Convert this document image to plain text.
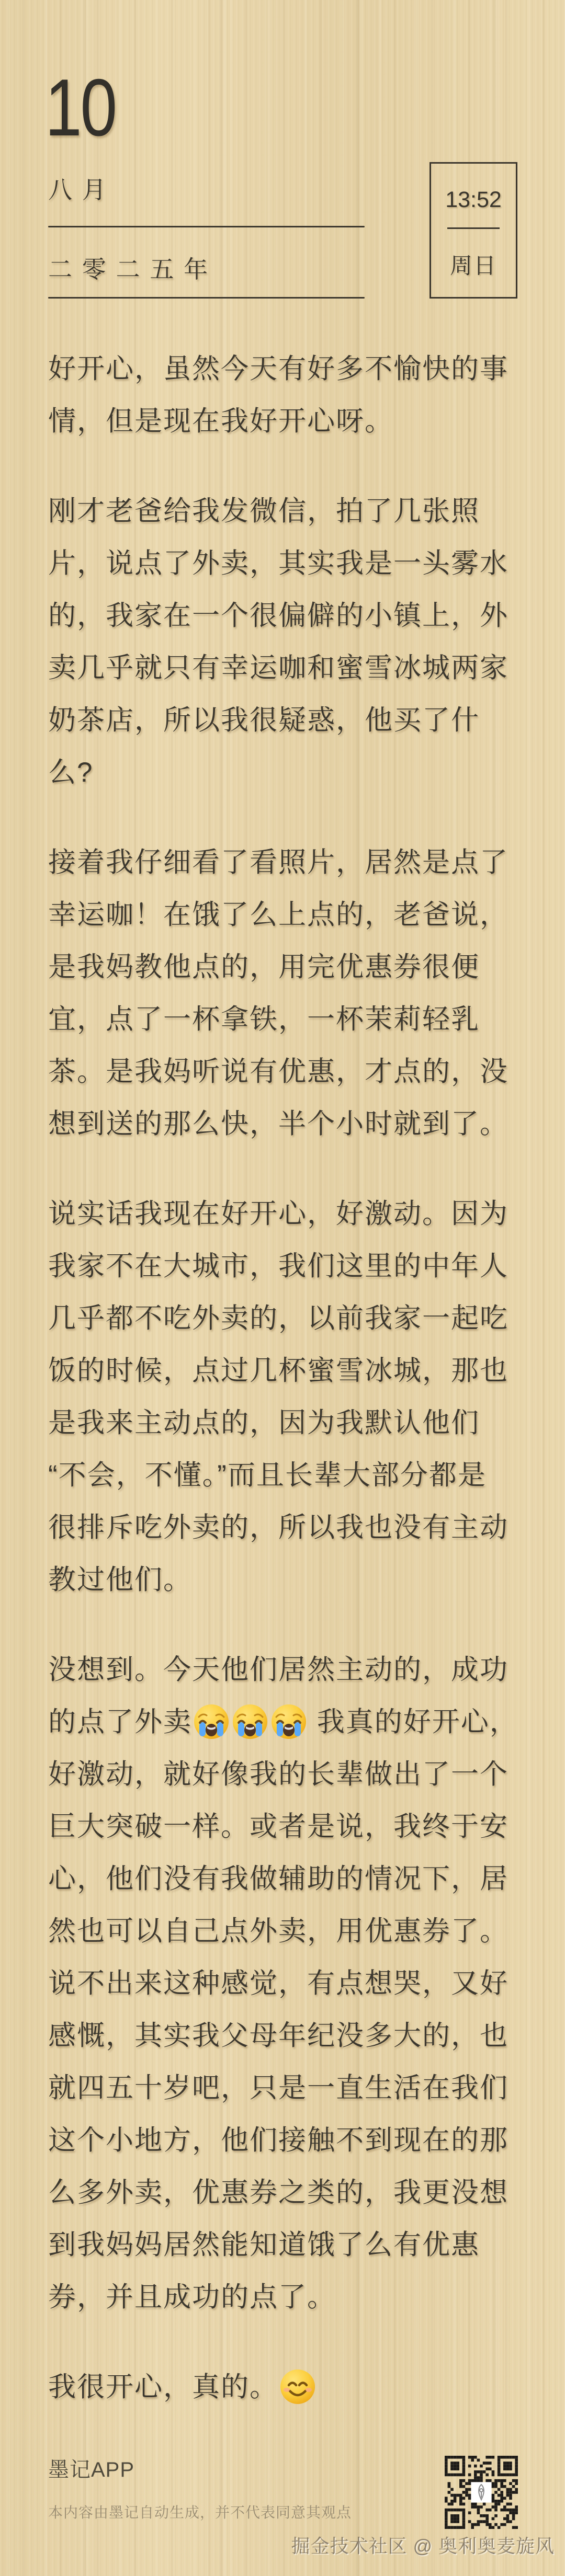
10
八 月
二 零 二 五 年
13:52
周日

好开心，虽然今天有好多不愉快的事
情，但是现在我好开心呀。

刚才老爸给我发微信，拍了几张照
片，说点了外卖，其实我是一头雾水
的，我家在一个很偏僻的小镇上，外
卖几乎就只有幸运咖和蜜雪冰城两家
奶茶店，所以我很疑惑，他买了什
么?

接着我仔细看了看照片，居然是点了
幸运咖！在饿了么上点的，老爸说，
是我妈教他点的，用完优惠券很便
宜，点了一杯拿铁，一杯茉莉轻乳
茶。是我妈听说有优惠，才点的，没
想到送的那么快，半个小时就到了。

说实话我现在好开心，好激动。因为
我家不在大城市，我们这里的中年人
几乎都不吃外卖的，以前我家一起吃
饭的时候，点过几杯蜜雪冰城，那也
是我来主动点的，因为我默认他们
“不会，不懂。”而且长辈大部分都是
很排斥吃外卖的，所以我也没有主动
教过他们。

没想到。今天他们居然主动的，成功
的点了外卖	我真的好开心，
好激动，就好像我的长辈做出了一个
巨大突破一样。或者是说，我终于安
心，他们没有我做辅助的情况下，居
然也可以自己点外卖，用优惠券了。
说不出来这种感觉，有点想哭，又好
感慨，其实我父母年纪没多大的，也
就四五十岁吧，只是一直生活在我们
这个小地方，他们接触不到现在的那
么多外卖，优惠券之类的，我更没想
到我妈妈居然能知道饿了么有优惠
券，并且成功的点了。

我很开心，真的。

墨记APP
本内容由墨记自动生成，并不代表同意其观点
掘金技术社区 @ 奥利奥麦旋风
